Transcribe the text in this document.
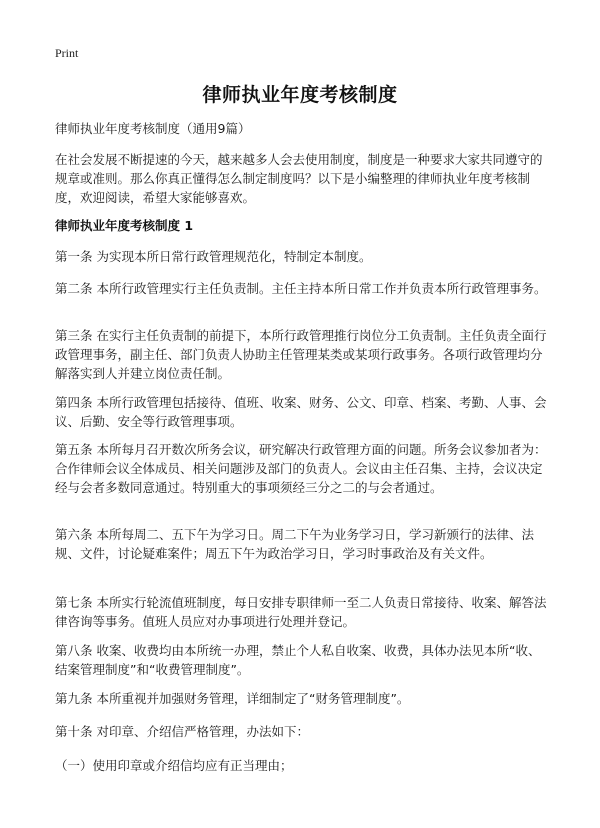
Print
律师执业年度考核制度
律师执业年度考核制度（通用9篇）
在社会发展不断提速的今天，越来越多人会去使用制度，制度是一种要求大家共同遵守的规章或准则。那么你真正懂得怎么制定制度吗？以下是小编整理的律师执业年度考核制度，欢迎阅读，希望大家能够喜欢。
律师执业年度考核制度 1
第一条 为实现本所日常行政管理规范化，特制定本制度。
第二条 本所行政管理实行主任负责制。主任主持本所日常工作并负责本所行政管理事务。
第三条 在实行主任负责制的前提下，本所行政管理推行岗位分工负责制。主任负责全面行政管理事务，副主任、部门负责人协助主任管理某类或某项行政事务。各项行政管理均分解落实到人并建立岗位责任制。
第四条 本所行政管理包括接待、值班、收案、财务、公文、印章、档案、考勤、人事、会议、后勤、安全等行政管理事项。
第五条 本所每月召开数次所务会议，研究解决行政管理方面的问题。所务会议参加者为：合作律师会议全体成员、相关问题涉及部门的负责人。会议由主任召集、主持，会议决定经与会者多数同意通过。特别重大的事项须经三分之二的与会者通过。
第六条 本所每周二、五下午为学习日。周二下午为业务学习日，学习新颁行的法律、法规、文件，讨论疑难案件；周五下午为政治学习日，学习时事政治及有关文件。
第七条 本所实行轮流值班制度，每日安排专职律师一至二人负责日常接待、收案、解答法律咨询等事务。值班人员应对办事项进行处理并登记。
第八条 收案、收费均由本所统一办理，禁止个人私自收案、收费，具体办法见本所“收、结案管理制度”和“收费管理制度”。
第九条 本所重视并加强财务管理，详细制定了“财务管理制度”。
第十条 对印章、介绍信严格管理，办法如下：
（一）使用印章或介绍信均应有正当理由；
